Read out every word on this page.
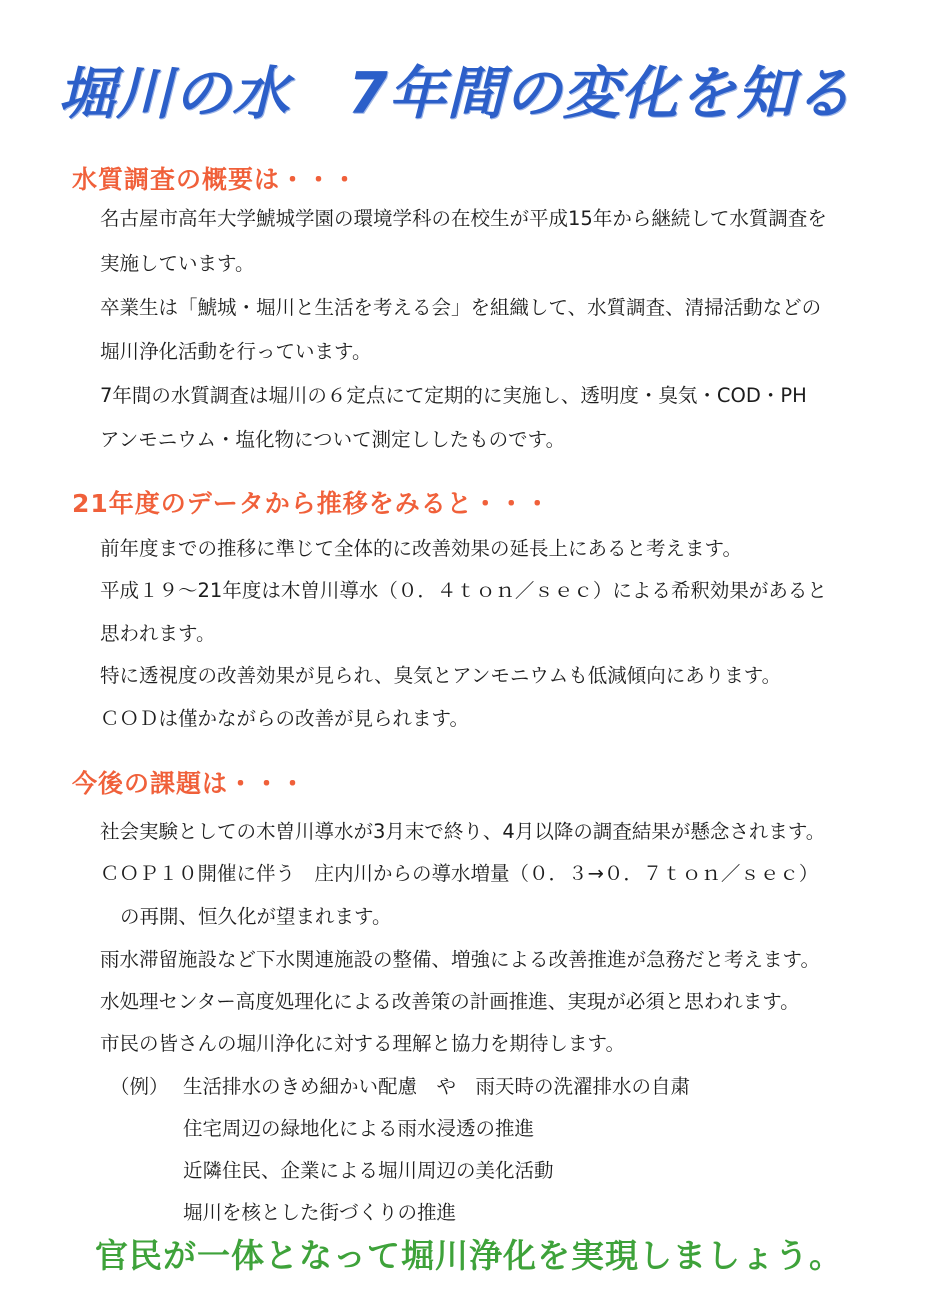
堀川の水　7年間の変化を知る
水質調査の概要は・・・
名古屋市高年大学鯱城学園の環境学科の在校生が平成15年から継続して水質調査を
実施しています。
卒業生は「鯱城・堀川と生活を考える会」を組織して、水質調査、清掃活動などの
堀川浄化活動を行っています。
7年間の水質調査は堀川の６定点にて定期的に実施し、透明度・臭気・COD・PH
アンモニウム・塩化物について測定ししたものです。
21年度のデータから推移をみると・・・
前年度までの推移に準じて全体的に改善効果の延長上にあると考えます。
平成１９～21年度は木曽川導水（０．４ｔｏｎ／ｓｅｃ）による希釈効果があると
思われます。
特に透視度の改善効果が見られ、臭気とアンモニウムも低減傾向にあります。
ＣＯＤは僅かながらの改善が見られます。
今後の課題は・・・
社会実験としての木曽川導水が3月末で終り、4月以降の調査結果が懸念されます。
ＣＯＰ１０開催に伴う　庄内川からの導水増量（０．３→０．７ｔｏｎ／ｓｅｃ）
の再開、恒久化が望まれます。
雨水滞留施設など下水関連施設の整備、増強による改善推進が急務だと考えます。
水処理センター高度処理化による改善策の計画推進、実現が必須と思われます。
市民の皆さんの堀川浄化に対する理解と協力を期待します。
（例） 生活排水のきめ細かい配慮　や　雨天時の洗濯排水の自粛
住宅周辺の緑地化による雨水浸透の推進
近隣住民、企業による堀川周辺の美化活動
堀川を核とした街づくりの推進
官民が一体となって堀川浄化を実現しましょう。
